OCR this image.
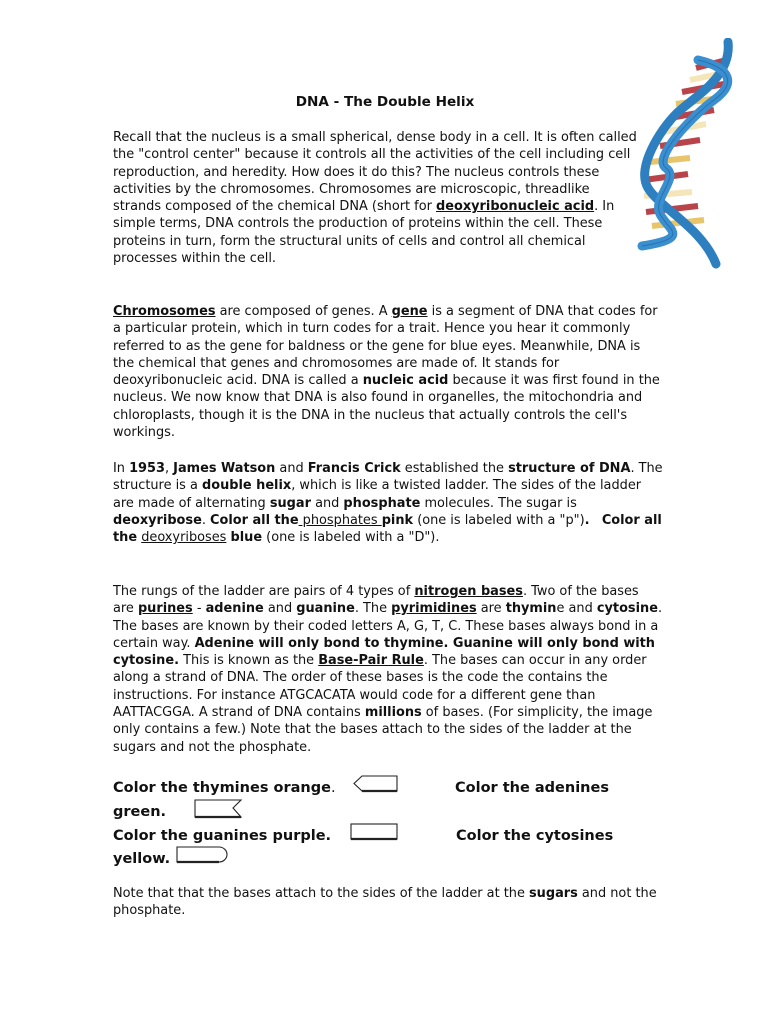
DNA - The Double Helix
Recall that the nucleus is a small spherical, dense body in a cell. It is often called the "control center" because it controls all the activities of the cell including cell reproduction, and heredity. How does it do this? The nucleus controls these activities by the chromosomes. Chromosomes are microscopic, threadlike strands composed of the chemical DNA (short for deoxyribonucleic acid. In simple terms, DNA controls the production of proteins within the cell. These proteins in turn, form the structural units of cells and control all chemical processes within the cell.
Chromosomes are composed of genes. A gene is a segment of DNA that codes for a particular protein, which in turn codes for a trait. Hence you hear it commonly referred to as the gene for baldness or the gene for blue eyes. Meanwhile, DNA is the chemical that genes and chromosomes are made of. It stands for deoxyribonucleic acid. DNA is called a nucleic acid because it was first found in the nucleus. We now know that DNA is also found in organelles, the mitochondria and chloroplasts, though it is the DNA in the nucleus that actually controls the cell's workings.
In 1953, James Watson and Francis Crick established the structure of DNA. The structure is a double helix, which is like a twisted ladder. The sides of the ladder are made of alternating sugar and phosphate molecules. The sugar is deoxyribose. Color all the phosphates pink (one is labeled with a "p"). Color all the deoxyriboses blue (one is labeled with a "D").
The rungs of the ladder are pairs of 4 types of nitrogen bases. Two of the bases are purines - adenine and guanine. The pyrimidines are thymine and cytosine. The bases are known by their coded letters A, G, T, C. These bases always bond in a certain way. Adenine will only bond to thymine. Guanine will only bond with cytosine. This is known as the Base-Pair Rule. The bases can occur in any order along a strand of DNA. The order of these bases is the code the contains the instructions. For instance ATGCACATA would code for a different gene than AATTACGGA. A strand of DNA contains millions of bases. (For simplicity, the image only contains a few.) Note that the bases attach to the sides of the ladder at the sugars and not the phosphate.
Color the thymines orange.	Color the adenines
green.
Color the guanines purple.	Color the cytosines
yellow.
Note that that the bases attach to the sides of the ladder at the sugars and not the phosphate.
